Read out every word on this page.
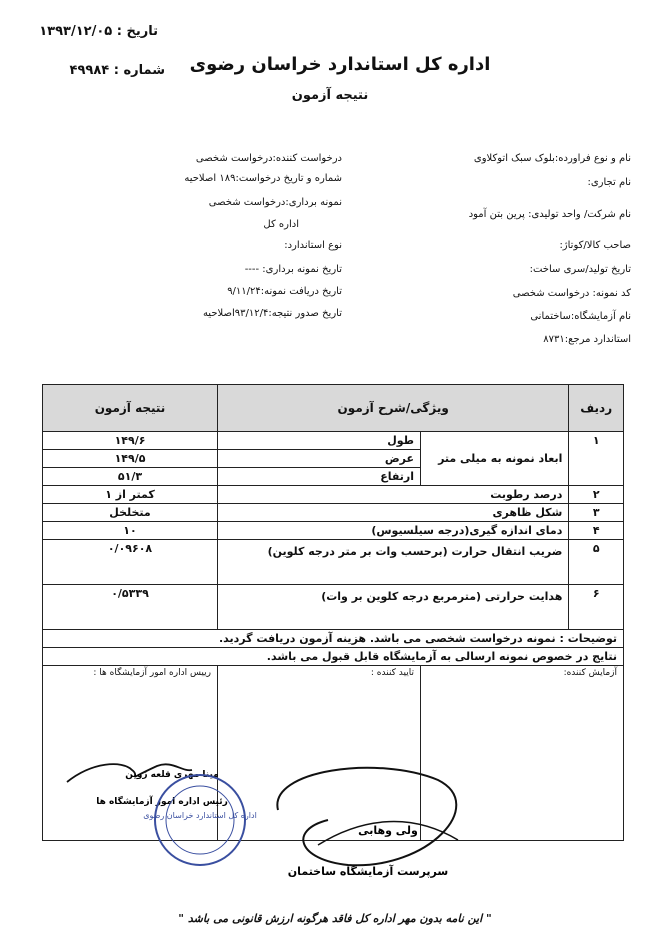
تاریخ : ۱۳۹۳/۱۲/۰۵
شماره : ۴۹۹۸۴	اداره کل استاندارد خراسان رضوی
نتیجه آزمون
نام و نوع فراورده:بلوک سبک اتوکلاوی
نام تجاری:
نام شرکت/ واحد تولیدی: پرین بتن آمود
صاحب کالا/کوتاژ:
تاریخ تولید/سری ساخت:
کد نمونه: درخواست شخصی
نام آزمایشگاه:ساختمانی
استاندارد مرجع:۸۷۳۱
درخواست کننده:درخواست شخصی
شماره و تاریخ درخواست:۱۸۹ اصلاحیه
نمونه برداری:درخواست شخصی
اداره کل
نوع استاندارد:
تاریخ نمونه برداری: ----
تاریخ دریافت نمونه:۹/۱۱/۲۴
تاریخ صدور نتیجه:۹۳/۱۲/۴اصلاحیه
ردیف	ویژگی/شرح آزمون		نتیجه آزمون
۱	ابعاد نمونه به میلی متر	طول	۱۴۹/۶
		عرض	۱۴۹/۵
		ارتفاع	۵۱/۳
۲	درصد رطوبت		کمتر از ۱
۳	شکل ظاهری		متخلخل
۴	دمای اندازه گیری(درجه سیلسیوس)		۱۰
۵	ضریب انتقال حرارت (برحسب وات بر متر درجه کلوین)		۰/۰۹۶۰۸
۶	هدایت حرارتی (مترمربع درجه کلوین بر وات)		۰/۵۳۳۹
توضیحات : نمونه درخواست شخصی می باشد. هزینه آزمون دریافت گردید.			
نتایج در خصوص نمونه ارسالی به آزمایشگاه قابل قبول می باشد.			
آزمایش کننده:		تایید کننده :	رییس اداره امور آزمایشگاه ها :
ولی وهابی
سرپرست آزمایشگاه ساختمان
مینا مهری قلعه زوین
رئیس اداره امور آزمایشگاه ها
اداره کل استاندارد خراسان رضوی
" این نامه بدون مهر اداره کل فاقد هرگونه ارزش قانونی می باشد "
